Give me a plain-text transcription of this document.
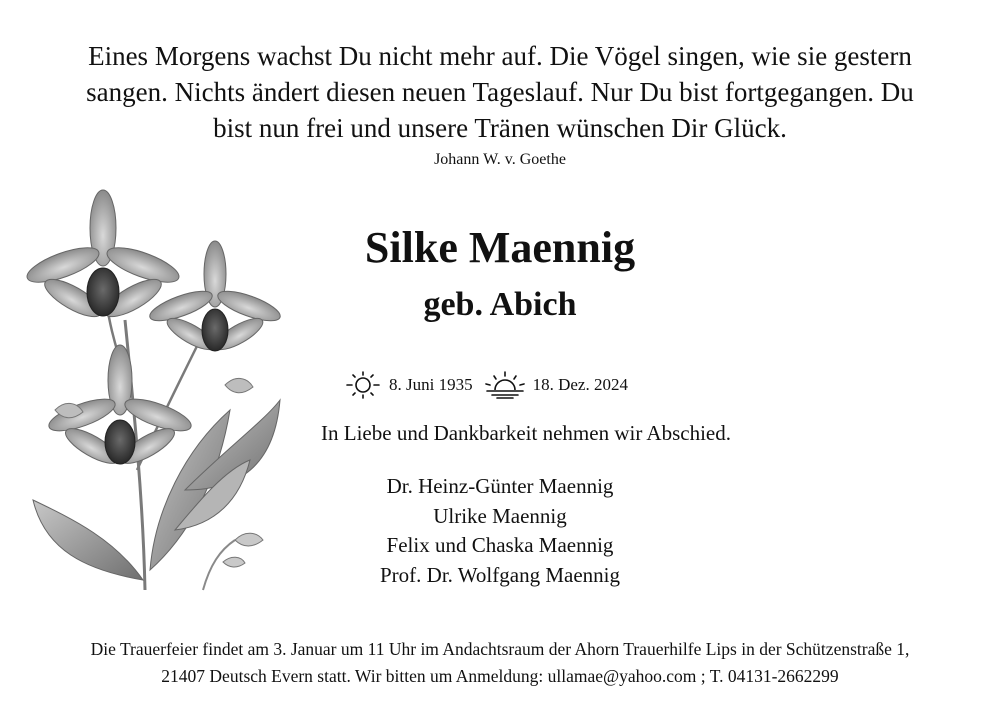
Eines Morgens wachst Du nicht mehr auf. Die Vögel singen, wie sie gestern
sangen. Nichts ändert diesen neuen Tageslauf. Nur Du bist fortgegangen. Du
bist nun frei und unsere Tränen wünschen Dir Glück.
Johann W. v. Goethe
Silke Maennig
geb. Abich
8. Juni 1935	18. Dez. 2024
In Liebe und Dankbarkeit nehmen wir Abschied.
Dr. Heinz-Günter Maennig
Ulrike Maennig
Felix und Chaska Maennig
Prof. Dr. Wolfgang Maennig
Die Trauerfeier findet am 3. Januar um 11 Uhr im Andachtsraum der Ahorn Trauerhilfe Lips in der Schützenstraße 1,
21407 Deutsch Evern statt. Wir bitten um Anmeldung: ullamae@yahoo.com ; T. 04131-2662299
